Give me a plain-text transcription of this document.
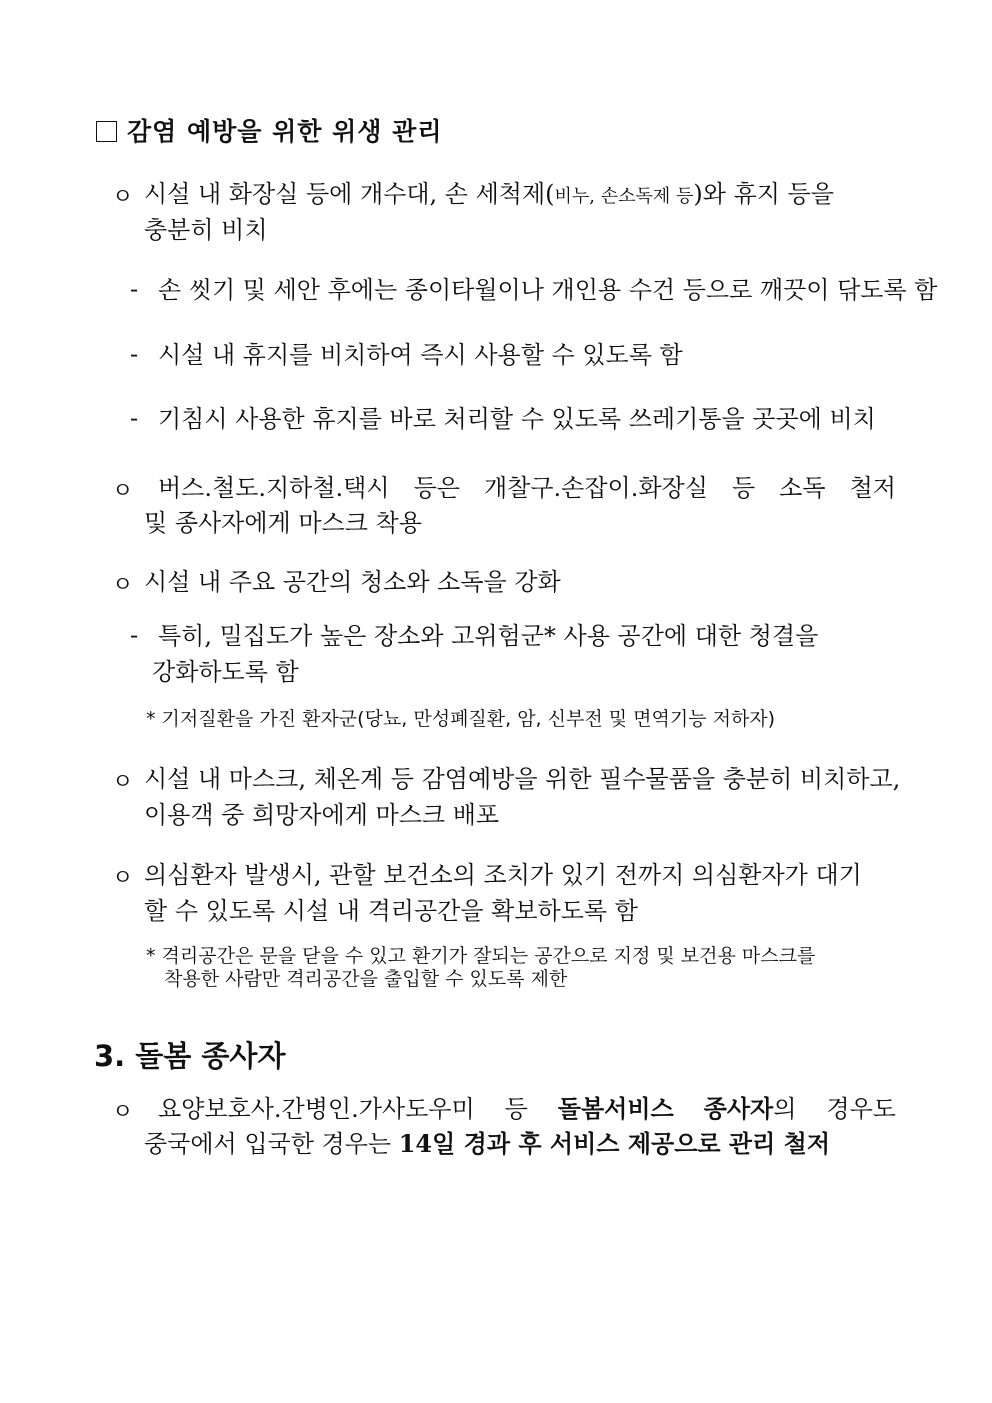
감염 예방을 위한 위생 관리
ㅇ 시설 내 화장실 등에 개수대, 손 세척제(비누, 손소독제 등)와 휴지 등을
충분히 비치
- 손 씻기 및 세안 후에는 종이타월이나 개인용 수건 등으로 깨끗이 닦도록 함
- 시설 내 휴지를 비치하여 즉시 사용할 수 있도록 함
- 기침시 사용한 휴지를 바로 처리할 수 있도록 쓰레기통을 곳곳에 비치
ㅇ 버스.철도.지하철.택시 등은 개찰구.손잡이.화장실 등 소독 철저
및 종사자에게 마스크 착용
ㅇ 시설 내 주요 공간의 청소와 소독을 강화
- 특히, 밀집도가 높은 장소와 고위험군* 사용 공간에 대한 청결을
강화하도록 함
* 기저질환을 가진 환자군(당뇨, 만성폐질환, 암, 신부전 및 면역기능 저하자)
ㅇ 시설 내 마스크, 체온계 등 감염예방을 위한 필수물품을 충분히 비치하고,
이용객 중 희망자에게 마스크 배포
ㅇ 의심환자 발생시, 관할 보건소의 조치가 있기 전까지 의심환자가 대기
할 수 있도록 시설 내 격리공간을 확보하도록 함
* 격리공간은 문을 닫을 수 있고 환기가 잘되는 공간으로 지정 및 보건용 마스크를
착용한 사람만 격리공간을 출입할 수 있도록 제한
3. 돌봄 종사자
ㅇ 요양보호사.간병인.가사도우미 등 돌봄서비스 종사자의 경우도
중국에서 입국한 경우는 14일 경과 후 서비스 제공으로 관리 철저
